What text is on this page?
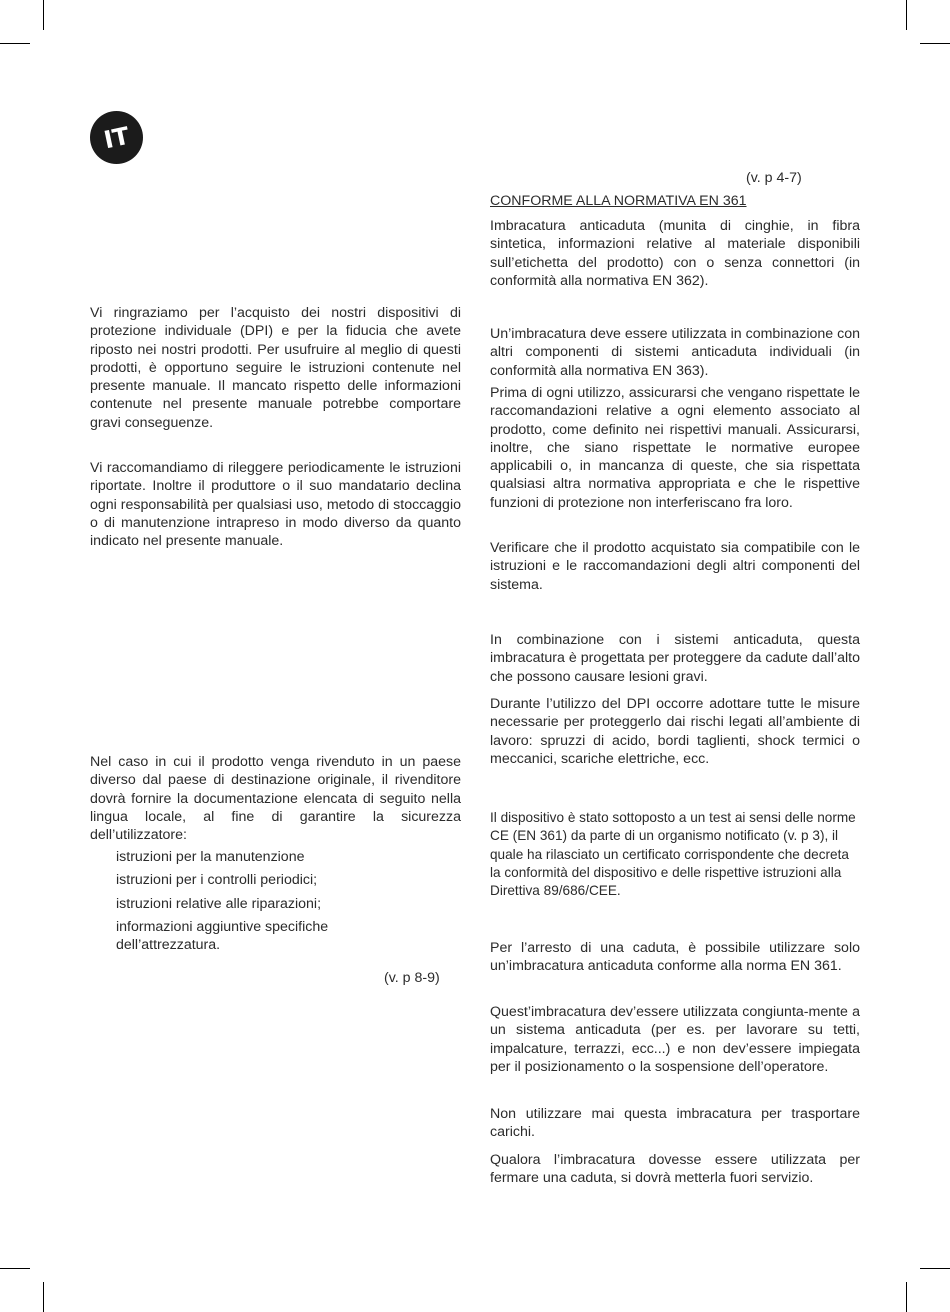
IT

Vi ringraziamo per l’acquisto dei nostri dispositivi di protezione individuale (DPI) e per la fiducia che avete riposto nei nostri prodotti. Per usufruire al meglio di questi prodotti, è opportuno seguire le istruzioni contenute nel presente manuale. Il mancato rispetto delle informazioni contenute nel presente manuale potrebbe comportare gravi conseguenze.

Vi raccomandiamo di rileggere periodicamente le istruzioni riportate. Inoltre il produttore o il suo mandatario declina ogni responsabilità per qualsiasi uso, metodo di stoccaggio o di manutenzione intrapreso in modo diverso da quanto indicato nel presente manuale.

Nel caso in cui il prodotto venga rivenduto in un paese diverso dal paese di destinazione originale, il rivenditore dovrà fornire la documentazione elencata di seguito nella lingua locale, al fine di garantire la sicurezza dell’utilizzatore:

istruzioni per la manutenzione
istruzioni per i controlli periodici;
istruzioni relative alle riparazioni;
informazioni aggiuntive specifiche dell’attrezzatura.
(v. p 8-9)
(v. p 4-7)
CONFORME ALLA NORMATIVA EN 361

Imbracatura anticaduta (munita di cinghie, in fibra sintetica, informazioni relative al materiale disponibili sull’etichetta del prodotto) con o senza connettori (in conformità alla normativa EN 362).

Un’imbracatura deve essere utilizzata in combinazione con altri componenti di sistemi anticaduta individuali (in conformità alla normativa EN 363).

Prima di ogni utilizzo, assicurarsi che vengano rispettate le raccomandazioni relative a ogni elemento associato al prodotto, come definito nei rispettivi manuali. Assicurarsi, inoltre, che siano rispettate le normative europee applicabili o, in mancanza di queste, che sia rispettata qualsiasi altra normativa appropriata e che le rispettive funzioni di protezione non interferiscano fra loro.

Verificare che il prodotto acquistato sia compatibile con le istruzioni e le raccomandazioni degli altri componenti del sistema.

In combinazione con i sistemi anticaduta, questa imbracatura è progettata per proteggere da cadute dall’alto che possono causare lesioni gravi.

Durante l’utilizzo del DPI occorre adottare tutte le misure necessarie per proteggerlo dai rischi legati all’ambiente di lavoro: spruzzi di acido, bordi taglienti, shock termici o meccanici, scariche elettriche, ecc.

Il dispositivo è stato sottoposto a un test ai sensi delle norme CE (EN 361) da parte di un organismo notificato (v. p 3), il quale ha rilasciato un certificato corrispondente che decreta la conformità del dispositivo e delle rispettive istruzioni alla Direttiva 89/686/CEE.

Per l’arresto di una caduta, è possibile utilizzare solo un’imbracatura anticaduta conforme alla norma EN 361.

Quest’imbracatura dev’essere utilizzata congiunta-mente a un sistema anticaduta (per es. per lavorare su tetti, impalcature, terrazzi, ecc...) e non dev’essere impiegata per il posizionamento o la sospensione dell’operatore.

Non utilizzare mai questa imbracatura per trasportare carichi.

Qualora l’imbracatura dovesse essere utilizzata per fermare una caduta, si dovrà metterla fuori servizio.
